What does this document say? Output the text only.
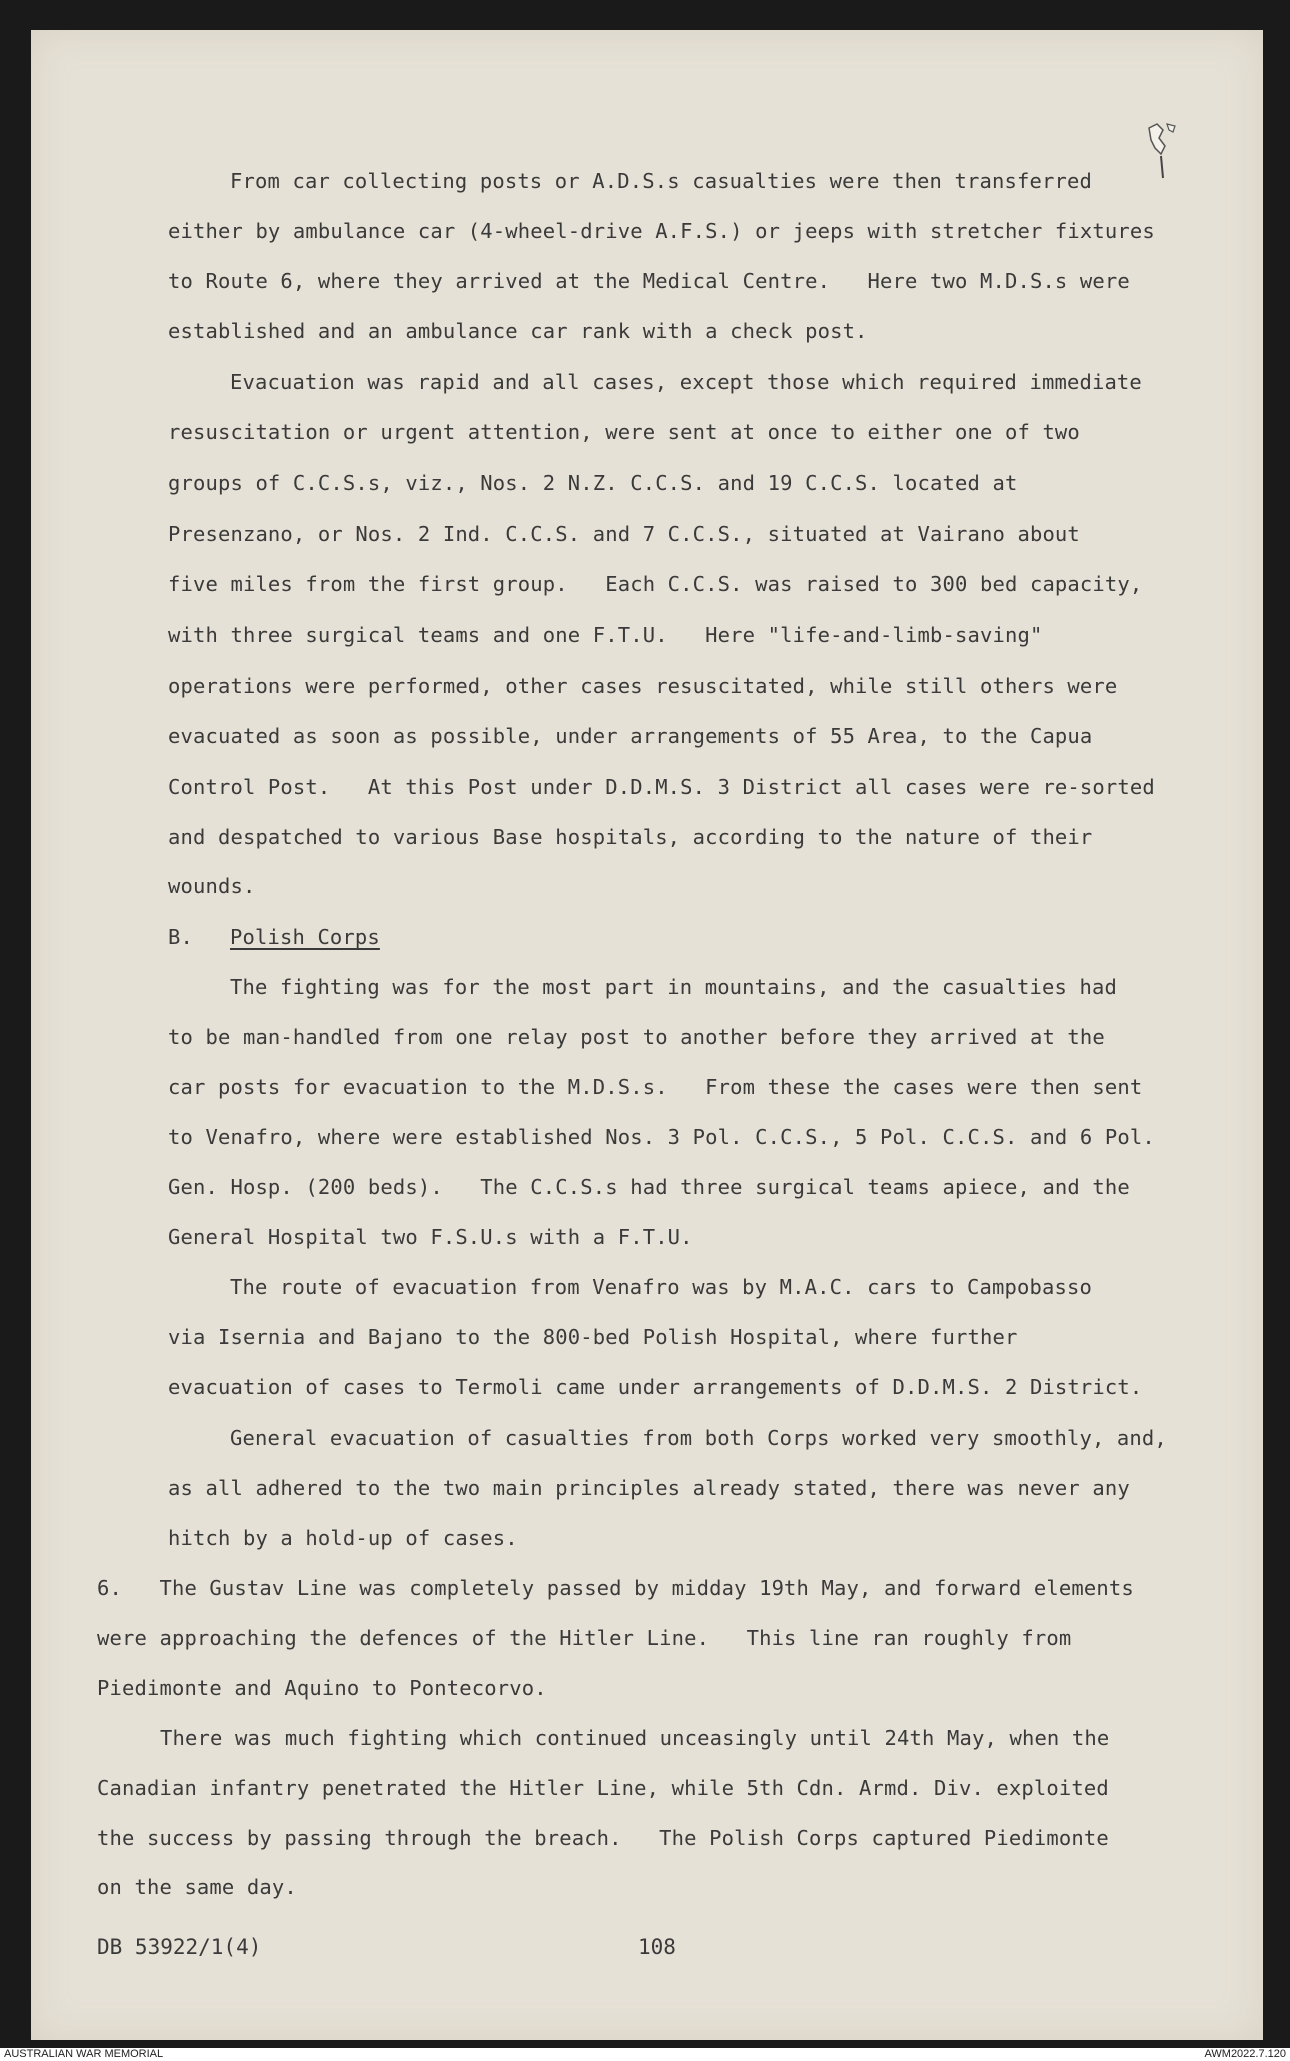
From car collecting posts or A.D.S.s casualties were then transferred
either by ambulance car (4-wheel-drive A.F.S.) or jeeps with stretcher fixtures
to Route 6, where they arrived at the Medical Centre.   Here two M.D.S.s were
established and an ambulance car rank with a check post.
Evacuation was rapid and all cases, except those which required immediate
resuscitation or urgent attention, were sent at once to either one of two
groups of C.C.S.s, viz., Nos. 2 N.Z. C.C.S. and 19 C.C.S. located at
Presenzano, or Nos. 2 Ind. C.C.S. and 7 C.C.S., situated at Vairano about
five miles from the first group.   Each C.C.S. was raised to 300 bed capacity,
with three surgical teams and one F.T.U.   Here "life-and-limb-saving"
operations were performed, other cases resuscitated, while still others were
evacuated as soon as possible, under arrangements of 55 Area, to the Capua
Control Post.   At this Post under D.D.M.S. 3 District all cases were re-sorted
and despatched to various Base hospitals, according to the nature of their
wounds.
B. Polish Corps
The fighting was for the most part in mountains, and the casualties had
to be man-handled from one relay post to another before they arrived at the
car posts for evacuation to the M.D.S.s.   From these the cases were then sent
to Venafro, where were established Nos. 3 Pol. C.C.S., 5 Pol. C.C.S. and 6 Pol.
Gen. Hosp. (200 beds).   The C.C.S.s had three surgical teams apiece, and the
General Hospital two F.S.U.s with a F.T.U.
The route of evacuation from Venafro was by M.A.C. cars to Campobasso
via Isernia and Bajano to the 800-bed Polish Hospital, where further
evacuation of cases to Termoli came under arrangements of D.D.M.S. 2 District.
General evacuation of casualties from both Corps worked very smoothly, and,
as all adhered to the two main principles already stated, there was never any
hitch by a hold-up of cases.
6.   The Gustav Line was completely passed by midday 19th May, and forward elements
were approaching the defences of the Hitler Line.   This line ran roughly from
Piedimonte and Aquino to Pontecorvo.
There was much fighting which continued unceasingly until 24th May, when the
Canadian infantry penetrated the Hitler Line, while 5th Cdn. Armd. Div. exploited
the success by passing through the breach.   The Polish Corps captured Piedimonte
on the same day.
DB 53922/1(4)	108
AUSTRALIAN WAR MEMORIAL	AWM2022.7.120
